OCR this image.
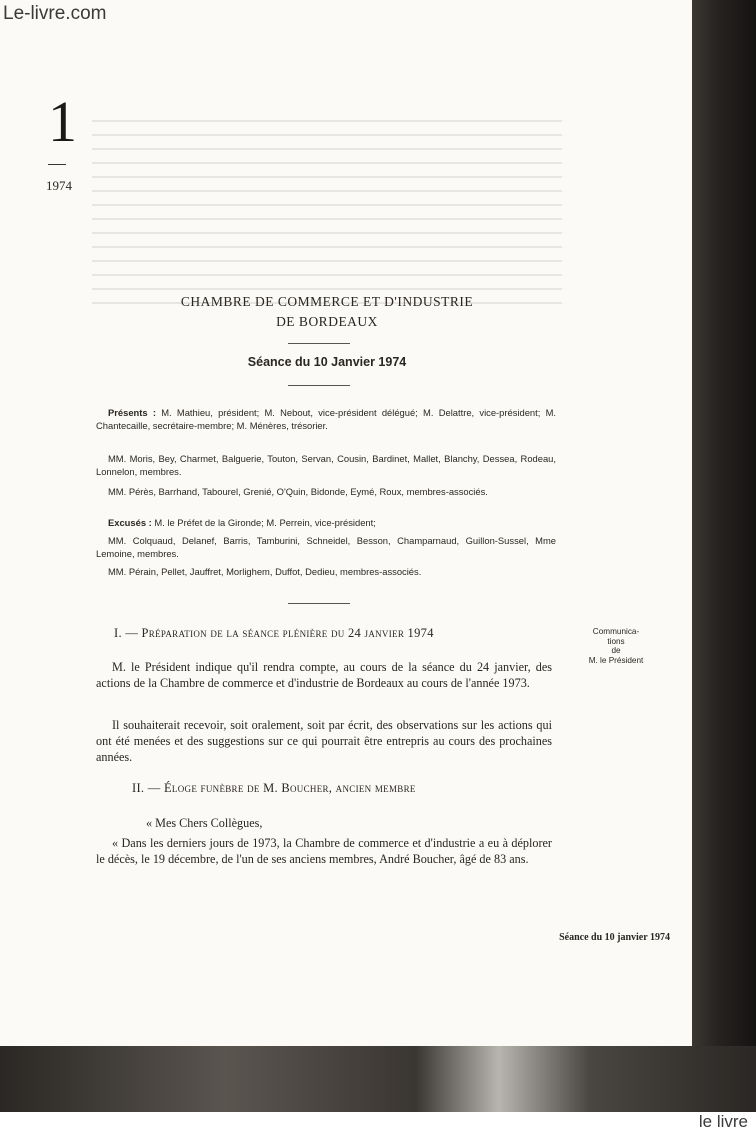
Le-livre.com
1
1974
CHAMBRE DE COMMERCE ET D'INDUSTRIE
DE BORDEAUX
Séance du 10 Janvier 1974
Présents : M. Mathieu, président; M. Nebout, vice-président délégué; M. Delattre, vice-président; M. Chantecaille, secrétaire-membre; M. Ménères, trésorier.
MM. Moris, Bey, Charmet, Balguerie, Touton, Servan, Cousin, Bardinet, Mallet, Blanchy, Dessea, Rodeau, Lonnelon, membres.
MM. Pérès, Barrhand, Tabourel, Grenié, O'Quin, Bidonde, Eymé, Roux, membres-associés.
Excusés : M. le Préfet de la Gironde; M. Perrein, vice-président;
MM. Colquaud, Delanef, Barris, Tamburini, Schneidel, Besson, Champarnaud, Guillon-Sussel, Mme Lemoine, membres.
MM. Pérain, Pellet, Jauffret, Morlighem, Duffot, Dedieu, membres-associés.
I. — Préparation de la séance plénière du 24 janvier 1974	Communica-
tions
de
M. le Président
M. le Président indique qu'il rendra compte, au cours de la séance du 24 janvier, des actions de la Chambre de commerce et d'industrie de Bordeaux au cours de l'année 1973.
Il souhaiterait recevoir, soit oralement, soit par écrit, des observations sur les actions qui ont été menées et des suggestions sur ce qui pourrait être entrepris au cours des prochaines années.
II. — Éloge funèbre de M. Boucher, ancien membre
« Mes Chers Collègues,
« Dans les derniers jours de 1973, la Chambre de commerce et d'industrie a eu à déplorer le décès, le 19 décembre, de l'un de ses anciens membres, André Boucher, âgé de 83 ans.
Séance du 10 janvier 1974
le livre
